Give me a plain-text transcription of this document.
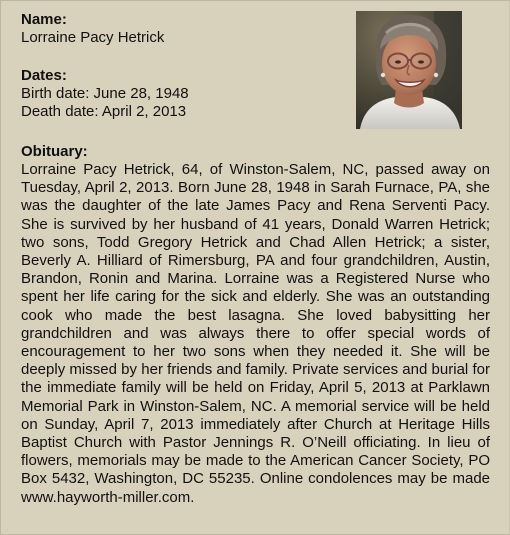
Name:

Lorraine Pacy Hetrick

Dates:

Birth date: June 28, 1948

Death date: April 2, 2013

Obituary:

Lorraine Pacy Hetrick, 64, of Winston-Salem, NC, passed away on Tuesday, April 2, 2013. Born June 28, 1948 in Sarah Furnace, PA, she was the daughter of the late James Pacy and Rena Serventi Pacy. She is survived by her husband of 41 years, Donald Warren Hetrick; two sons, Todd Gregory Hetrick and Chad Allen Hetrick; a sister, Beverly A. Hilliard of Rimersburg, PA and four grandchildren, Austin, Brandon, Ronin and Marina. Lorraine was a Registered Nurse who spent her life caring for the sick and elderly. She was an outstanding cook who made the best lasagna. She loved babysitting her grandchildren and was always there to offer special words of encouragement to her two sons when they needed it. She will be deeply missed by her friends and family. Private services and burial for the immediate family will be held on Friday, April 5, 2013 at Parklawn Memorial Park in Winston-Salem, NC. A memorial service will be held on Sunday, April 7, 2013 immediately after Church at Heritage Hills Baptist Church with Pastor Jennings R. O’Neill officiating. In lieu of flowers, memorials may be made to the American Cancer Society, PO Box 5432, Washington, DC 55235. Online condolences may be made www.hayworth-miller.com.
